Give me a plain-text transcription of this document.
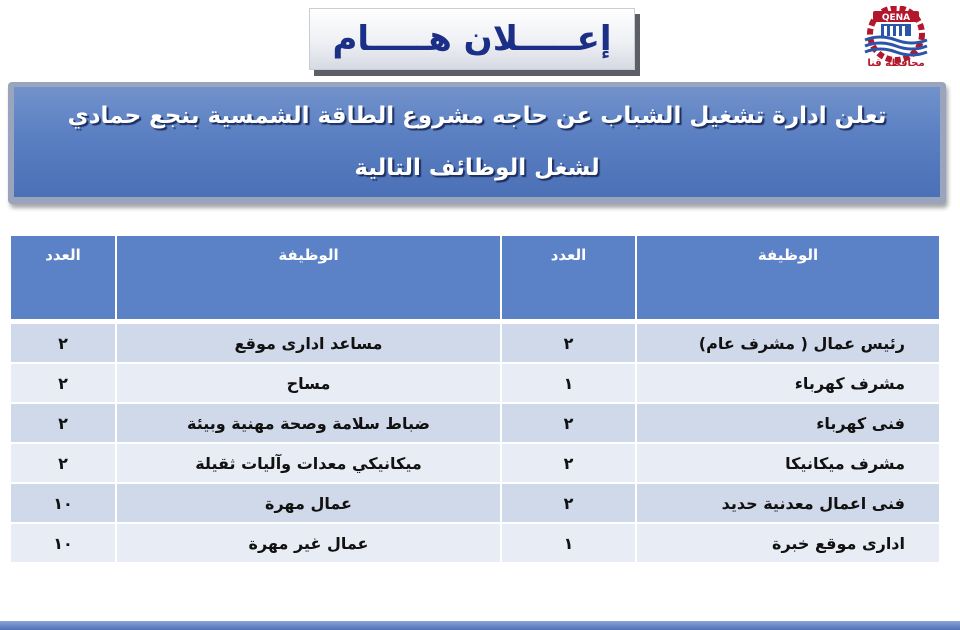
إعـــــلان هـــــام
QENA
محافظة قنا
تعلن ادارة تشغيل الشباب عن حاجه مشروع الطاقة الشمسية بنجع حمادي
لشغل الوظائف التالية
الوظيفة	العدد	الوظيفة	العدد

رئيس عمال ( مشرف عام)	٢	مساعد ادارى موقع	٢
مشرف كهرباء	١	مساح	٢
فنى كهرباء	٢	ضباط سلامة وصحة مهنية وبيئة	٢
مشرف ميكانيكا	٢	ميكانيكي معدات وآليات ثقيلة	٢
فنى اعمال معدنية حديد	٢	عمال مهرة	١٠
ادارى موقع خبرة	١	عمال غير مهرة	١٠
